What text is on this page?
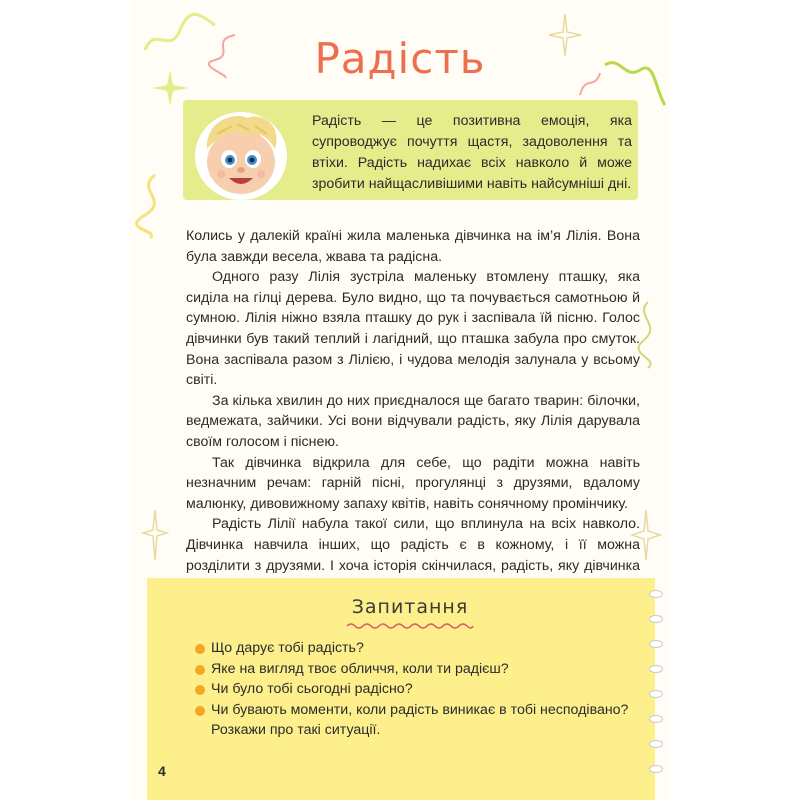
Радість
Радість — це позитивна емоція, яка супроводжує почуття щастя, задоволення та втіхи. Радість надихає всіх навколо й може зробити найщасливішими навіть найсумніші дні.

Колись у далекій країні жила маленька дівчинка на ім’я Лілія. Вона була завжди весела, жвава та радісна.

Одного разу Лілія зустріла маленьку втомлену пташку, яка сиділа на гілці дерева. Було видно, що та почувається самотньою й сумною. Лілія ніжно взяла пташку до рук і заспівала їй пісню. Голос дівчинки був такий теплий і лагідний, що пташка забула про смуток. Вона заспівала разом з Лілією, і чудова мелодія залунала у всьому світі.

За кілька хвилин до них приєдналося ще багато тварин: білочки, ведмежата, зайчики. Усі вони відчували радість, яку Лілія дарувала своїм голосом і піснею.

Так дівчинка відкрила для себе, що радіти можна навіть незначним речам: гарній пісні, прогулянці з друзями, вдалому малюнку, дивовижному запаху квітів, навіть сонячному промінчику.

Радість Лілії набула такої сили, що вплинула на всіх навколо. Дівчинка навчила інших, що радість є в кожному, і її можна розділити з друзями. І хоча історія скінчилася, радість, яку дівчинка

Запитання
Що дарує тобі радість?
Яке на вигляд твоє обличчя, коли ти радієш?
Чи було тобі сьогодні радісно?
Чи бувають моменти, коли радість виникає в тобі несподівано? Розкажи про такі ситуації.
4
